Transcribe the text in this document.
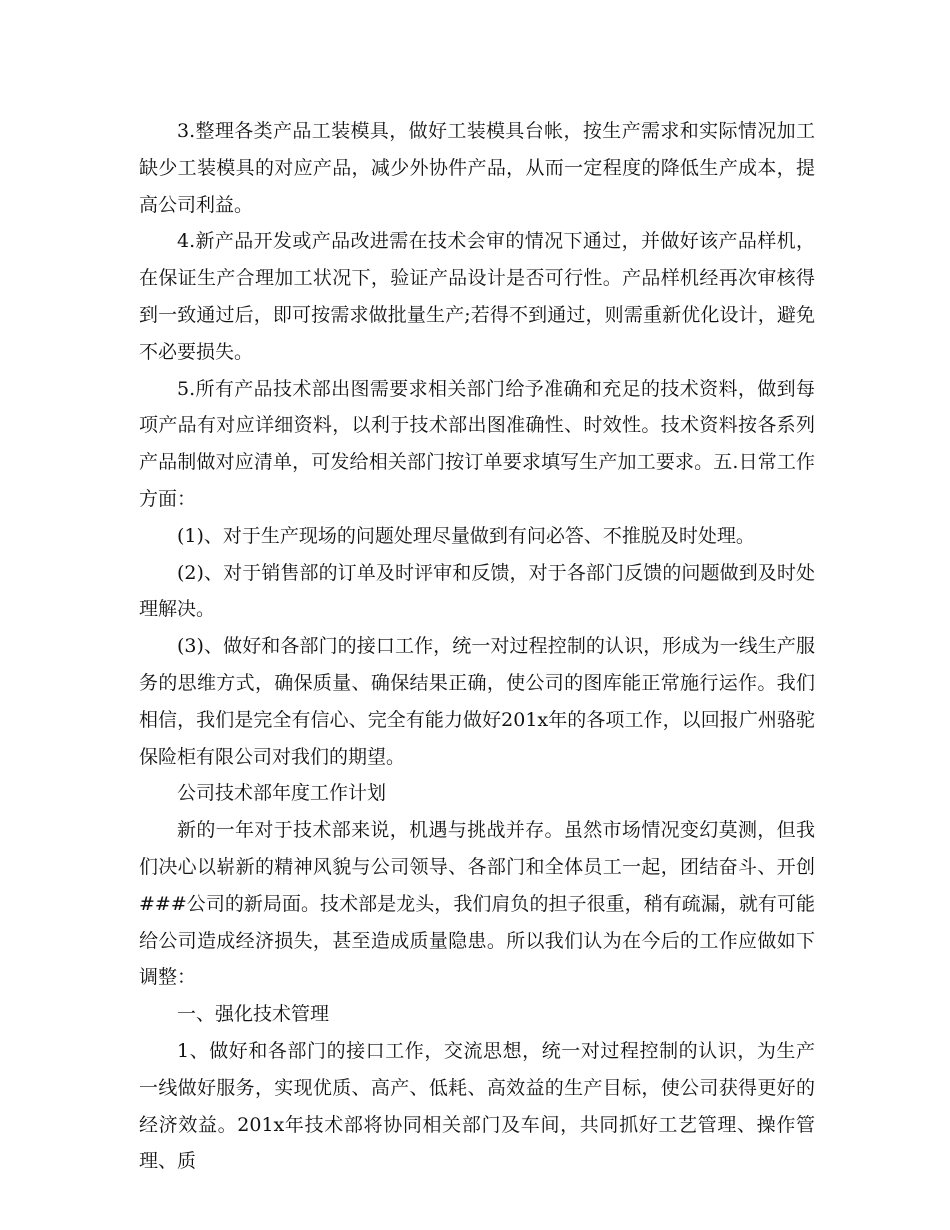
3.整理各类产品工装模具，做好工装模具台帐，按生产需求和实际情况加工缺少工装模具的对应产品，减少外协件产品，从而一定程度的降低生产成本，提高公司利益。

4.新产品开发或产品改进需在技术会审的情况下通过，并做好该产品样机，在保证生产合理加工状况下，验证产品设计是否可行性。产品样机经再次审核得到一致通过后，即可按需求做批量生产;若得不到通过，则需重新优化设计，避免不必要损失。

5.所有产品技术部出图需要求相关部门给予准确和充足的技术资料，做到每项产品有对应详细资料，以利于技术部出图准确性、时效性。技术资料按各系列产品制做对应清单，可发给相关部门按订单要求填写生产加工要求。五.日常工作方面：

(1)、对于生产现场的问题处理尽量做到有问必答、不推脱及时处理。

(2)、对于销售部的订单及时评审和反馈，对于各部门反馈的问题做到及时处理解决。

(3)、做好和各部门的接口工作，统一对过程控制的认识，形成为一线生产服务的思维方式，确保质量、确保结果正确，使公司的图库能正常施行运作。我们相信，我们是完全有信心、完全有能力做好201x年的各项工作，以回报广州骆驼保险柜有限公司对我们的期望。

公司技术部年度工作计划

新的一年对于技术部来说，机遇与挑战并存。虽然市场情况变幻莫测，但我们决心以崭新的精神风貌与公司领导、各部门和全体员工一起，团结奋斗、开创###公司的新局面。技术部是龙头，我们肩负的担子很重，稍有疏漏，就有可能给公司造成经济损失，甚至造成质量隐患。所以我们认为在今后的工作应做如下调整：

一、强化技术管理

1、做好和各部门的接口工作，交流思想，统一对过程控制的认识，为生产一线做好服务，实现优质、高产、低耗、高效益的生产目标，使公司获得更好的经济效益。201x年技术部将协同相关部门及车间，共同抓好工艺管理、操作管理、质
